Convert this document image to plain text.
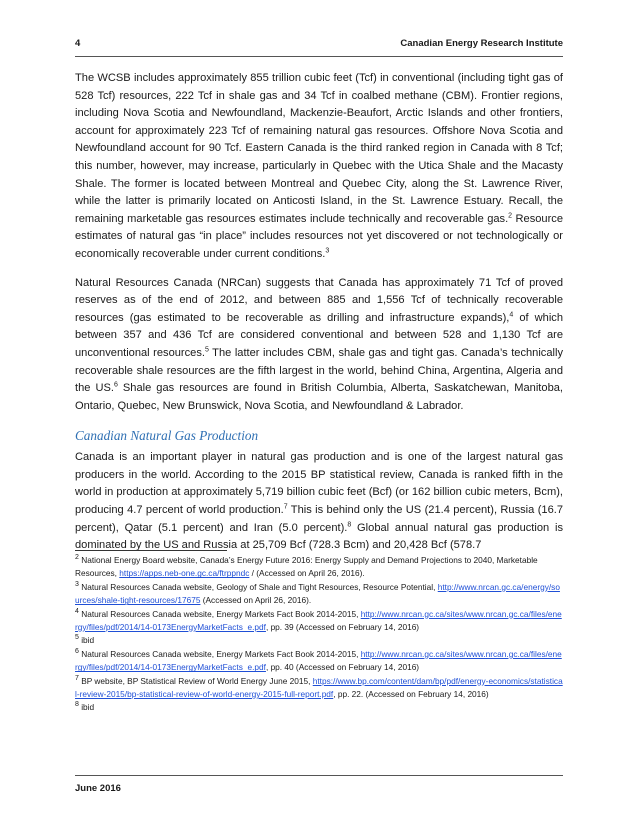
4	Canadian Energy Research Institute

The WCSB includes approximately 855 trillion cubic feet (Tcf) in conventional (including tight gas of 528 Tcf) resources, 222 Tcf in shale gas and 34 Tcf in coalbed methane (CBM). Frontier regions, including Nova Scotia and Newfoundland, Mackenzie-Beaufort, Arctic Islands and other frontiers, account for approximately 223 Tcf of remaining natural gas resources. Offshore Nova Scotia and Newfoundland account for 90 Tcf. Eastern Canada is the third ranked region in Canada with 8 Tcf; this number, however, may increase, particularly in Quebec with the Utica Shale and the Macasty Shale. The former is located between Montreal and Quebec City, along the St. Lawrence River, while the latter is primarily located on Anticosti Island, in the St. Lawrence Estuary. Recall, the remaining marketable gas resources estimates include technically and recoverable gas.$^2$ Resource estimates of natural gas “in place” includes resources not yet discovered or not technologically or economically recoverable under current conditions.$^3$

Natural Resources Canada (NRCan) suggests that Canada has approximately 71 Tcf of proved reserves as of the end of 2012, and between 885 and 1,556 Tcf of technically recoverable resources (gas estimated to be recoverable as drilling and infrastructure expands),$^4$ of which between 357 and 436 Tcf are considered conventional and between 528 and 1,130 Tcf are unconventional resources.$^5$ The latter includes CBM, shale gas and tight gas. Canada’s technically recoverable shale resources are the fifth largest in the world, behind China, Argentina, Algeria and the US.$^6$ Shale gas resources are found in British Columbia, Alberta, Saskatchewan, Manitoba, Ontario, Quebec, New Brunswick, Nova Scotia, and Newfoundland & Labrador.

Canadian Natural Gas Production

Canada is an important player in natural gas production and is one of the largest natural gas producers in the world. According to the 2015 BP statistical review, Canada is ranked fifth in the world in production at approximately 5,719 billion cubic feet (Bcf) (or 162 billion cubic meters, Bcm), producing 4.7 percent of world production.$^7$ This is behind only the US (21.4 percent), Russia (16.7 percent), Qatar (5.1 percent) and Iran (5.0 percent).$^8$ Global annual natural gas production is dominated by the US and Russia at 25,709 Bcf (728.3 Bcm) and 20,428 Bcf (578.7

$^2$ National Energy Board website, Canada’s Energy Future 2016: Energy Supply and Demand Projections to 2040, Marketable Resources, https://apps.neb-one.gc.ca/ftrppndc / (Accessed on April 26, 2016).

$^3$ Natural Resources Canada website, Geology of Shale and Tight Resources, Resource Potential, http://www.nrcan.gc.ca/energy/sources/shale-tight-resources/17675 (Accessed on April 26, 2016).

$^4$ Natural Resources Canada website, Energy Markets Fact Book 2014-2015, http://www.nrcan.gc.ca/sites/www.nrcan.gc.ca/files/energy/files/pdf/2014/14-0173EnergyMarketFacts_e.pdf, pp. 39 (Accessed on February 14, 2016)

$^5$ ibid

$^6$ Natural Resources Canada website, Energy Markets Fact Book 2014-2015, http://www.nrcan.gc.ca/sites/www.nrcan.gc.ca/files/energy/files/pdf/2014/14-0173EnergyMarketFacts_e.pdf, pp. 40 (Accessed on February 14, 2016)

$^7$ BP website, BP Statistical Review of World Energy June 2015, https://www.bp.com/content/dam/bp/pdf/energy-economics/statistical-review-2015/bp-statistical-review-of-world-energy-2015-full-report.pdf, pp. 22. (Accessed on February 14, 2016)

$^8$ ibid

June 2016
